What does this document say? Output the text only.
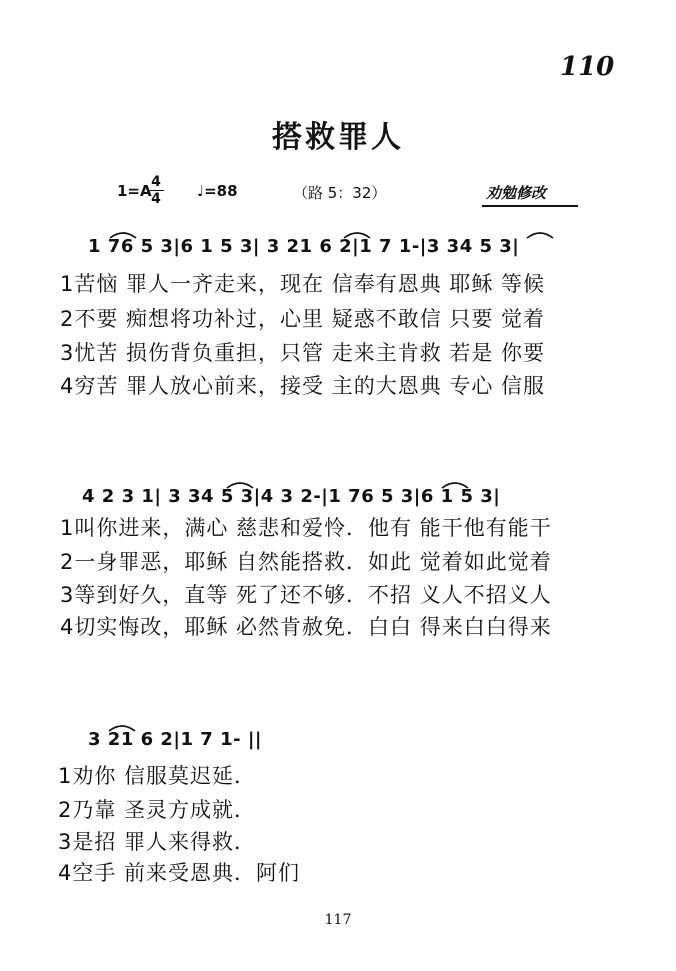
110
搭救罪人
1=A
$\frac{4}{4}$ ♩=88	（路 5：32）	劝勉修改
1 76 5 3|6 1 5 3| 3 21 6 2|1 7 1-|3 34 5 3|
1苦恼 罪人一齐走来，现在 信奉有恩典 耶稣 等候
2不要 痴想将功补过，心里 疑惑不敢信 只要 觉着
3忧苦 损伤背负重担，只管 走来主肯救 若是 你要
4穷苦 罪人放心前来，接受 主的大恩典 专心 信服
4 2 3 1| 3 34 5 3|4 3 2-|1 76 5 3|6 1 5 3|
1叫你进来，满心 慈悲和爱怜．他有 能干他有能干
2一身罪恶，耶稣 自然能搭救．如此 觉着如此觉着
3等到好久，直等 死了还不够．不招 义人不招义人
4切实悔改，耶稣 必然肯赦免．白白 得来白白得来
3 21 6 2|1 7 1- ||
1劝你 信服莫迟延．
2乃靠 圣灵方成就．
3是招 罪人来得救．
4空手 前来受恩典．阿们
117
